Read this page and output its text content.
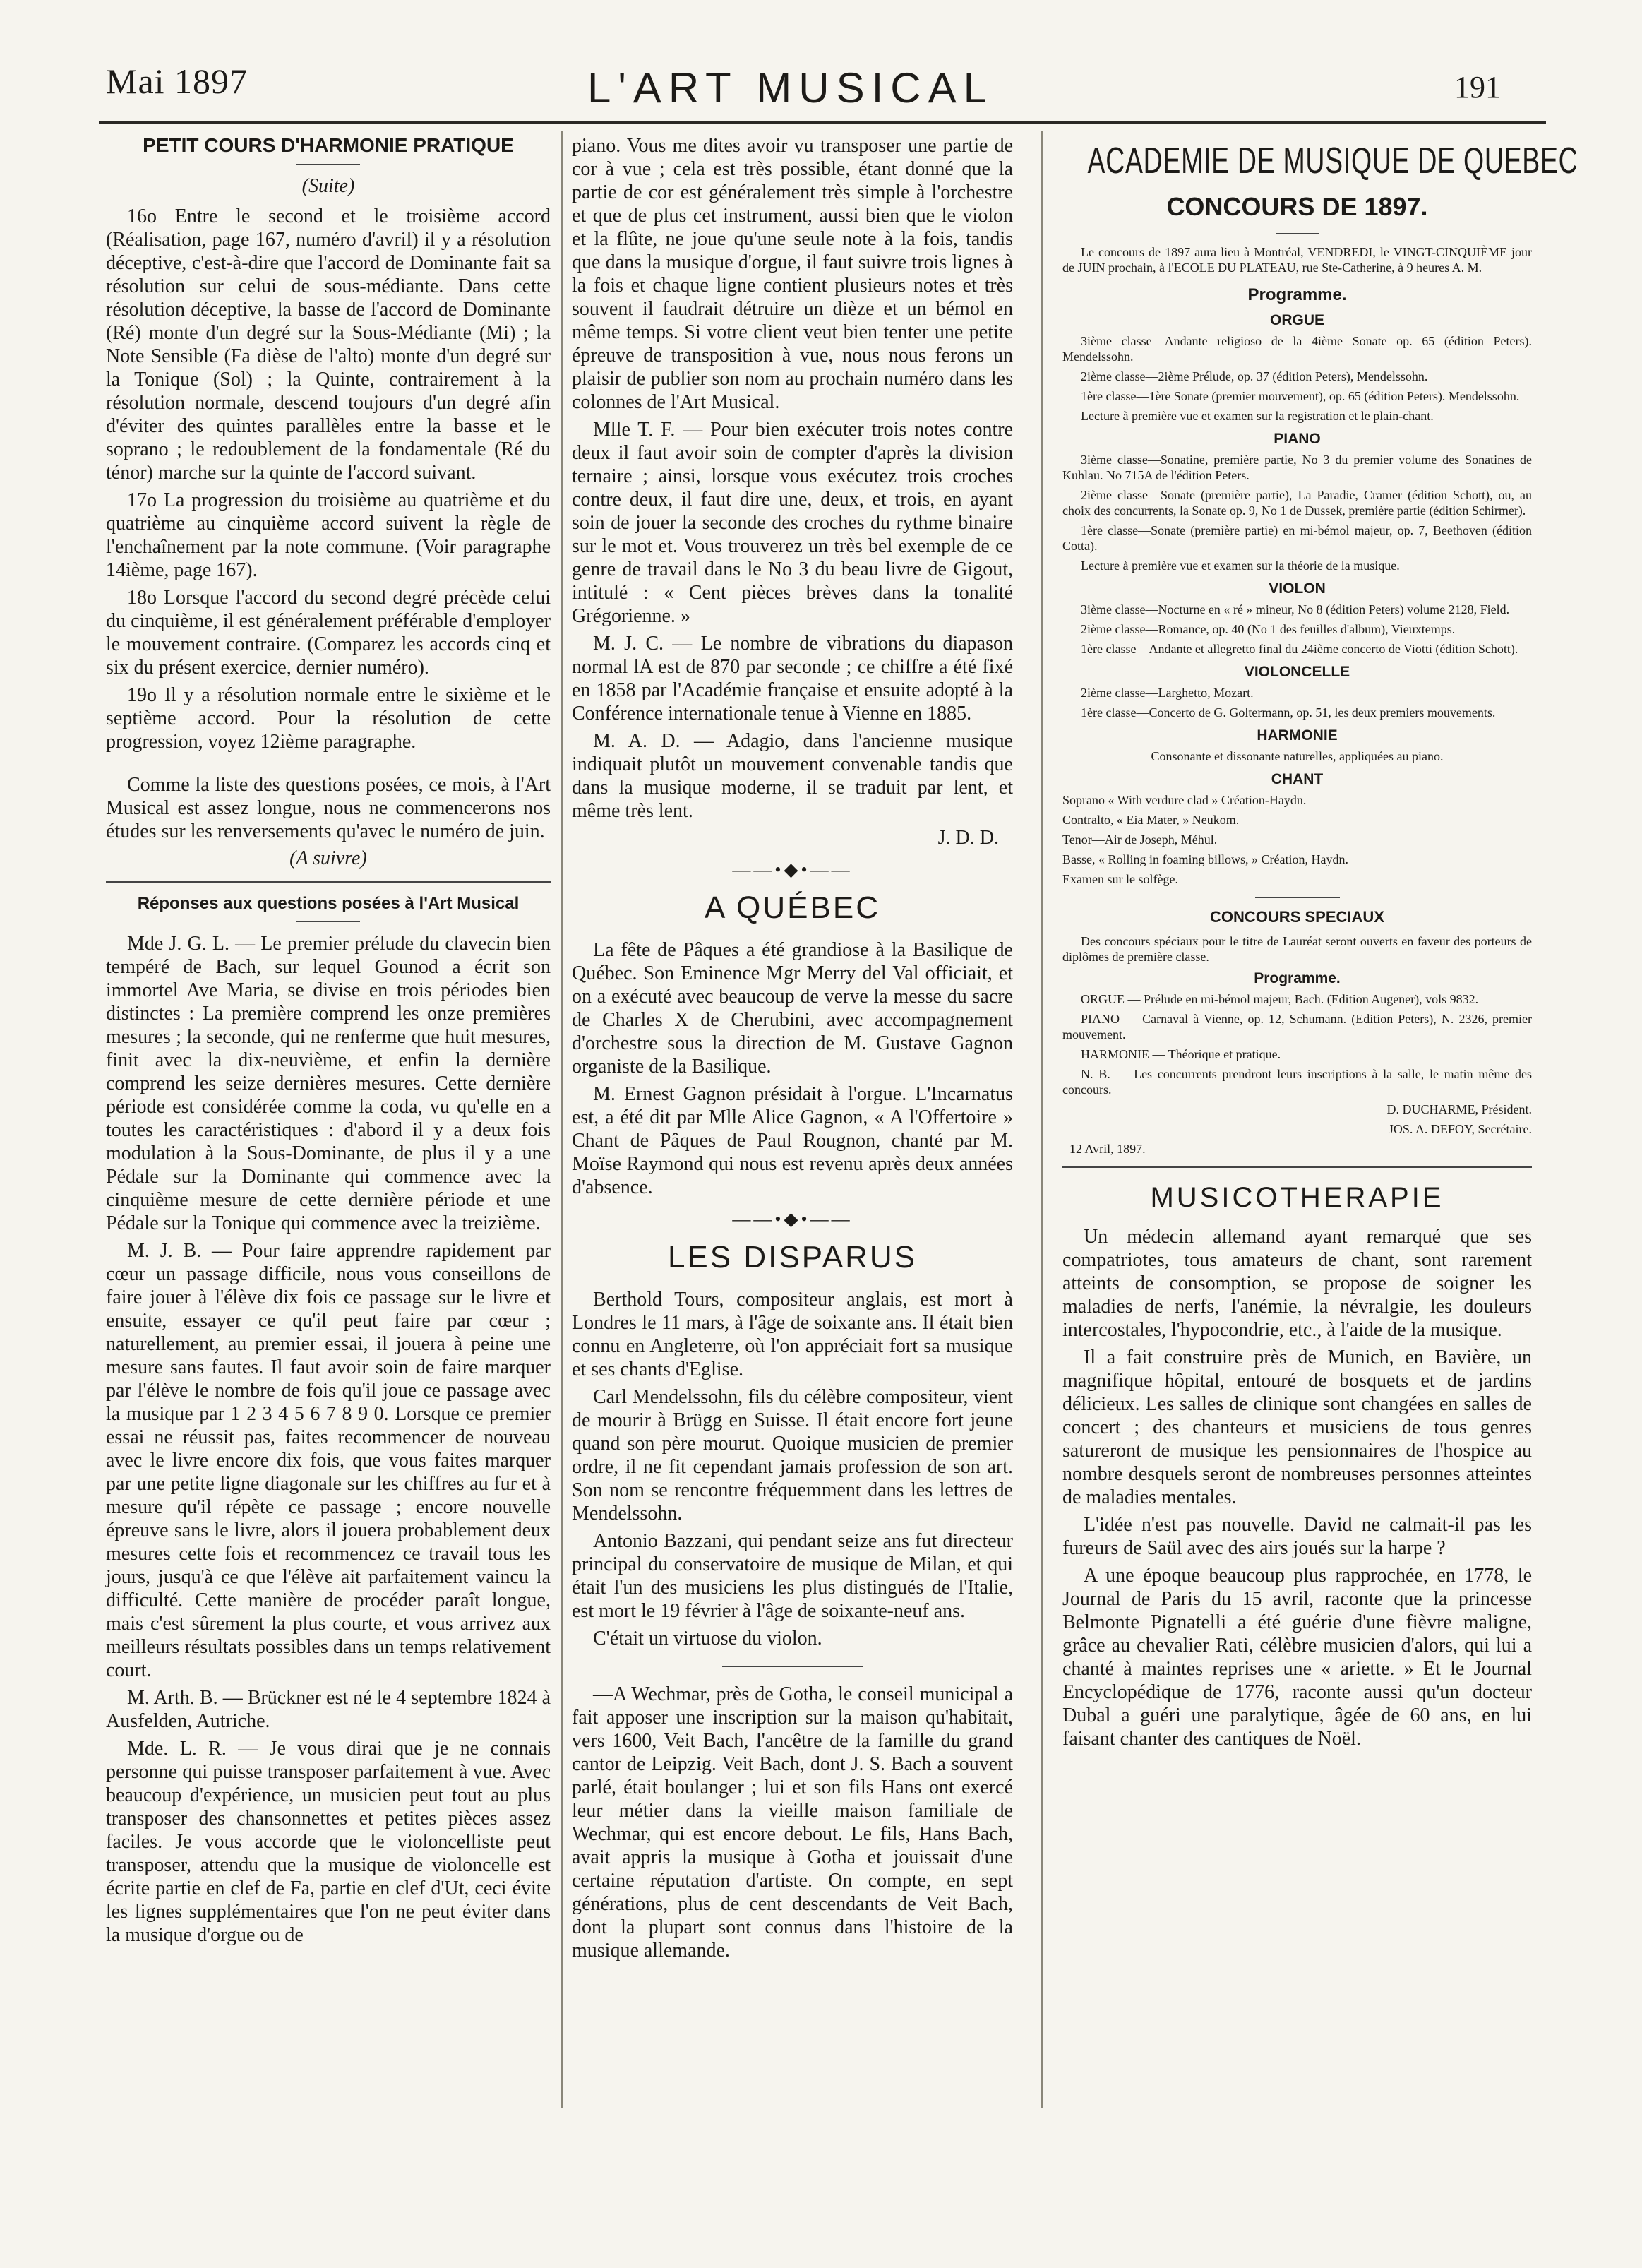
Mai 1897	L'ART MUSICAL	191
PETIT COURS D'HARMONIE PRATIQUE
(Suite)

16o Entre le second et le troisième accord (Réalisation, page 167, numéro d'avril) il y a résolution déceptive, c'est-à-dire que l'accord de Dominante fait sa résolution sur celui de sous-médiante. Dans cette résolution déceptive, la basse de l'accord de Dominante (Ré) monte d'un degré sur la Sous-Médiante (Mi) ; la Note Sensible (Fa dièse de l'alto) monte d'un degré sur la Tonique (Sol) ; la Quinte, contrairement à la résolution normale, descend toujours d'un degré afin d'éviter des quintes parallèles entre la basse et le soprano ; le redoublement de la fondamentale (Ré du ténor) marche sur la quinte de l'accord suivant.

17o La progression du troisième au quatrième et du quatrième au cinquième accord suivent la règle de l'enchaînement par la note commune. (Voir paragraphe 14ième, page 167).

18o Lorsque l'accord du second degré précède celui du cinquième, il est généralement préférable d'employer le mouvement contraire. (Comparez les accords cinq et six du présent exercice, dernier numéro).

19o Il y a résolution normale entre le sixième et le septième accord. Pour la résolution de cette progression, voyez 12ième paragraphe.

Comme la liste des questions posées, ce mois, à l'Art Musical est assez longue, nous ne commencerons nos études sur les renversements qu'avec le numéro de juin.

(A suivre)
Réponses aux questions posées à l'Art Musical

Mde J. G. L. — Le premier prélude du clavecin bien tempéré de Bach, sur lequel Gounod a écrit son immortel Ave Maria, se divise en trois périodes bien distinctes : La première comprend les onze premières mesures ; la seconde, qui ne renferme que huit mesures, finit avec la dix-neuvième, et enfin la dernière comprend les seize dernières mesures. Cette dernière période est considérée comme la coda, vu qu'elle en a toutes les caractéristiques : d'abord il y a deux fois modulation à la Sous-Dominante, de plus il y a une Pédale sur la Dominante qui commence avec la cinquième mesure de cette dernière période et une Pédale sur la Tonique qui commence avec la treizième.

M. J. B. — Pour faire apprendre rapidement par cœur un passage difficile, nous vous conseillons de faire jouer à l'élève dix fois ce passage sur le livre et ensuite, essayer ce qu'il peut faire par cœur ; naturellement, au premier essai, il jouera à peine une mesure sans fautes. Il faut avoir soin de faire marquer par l'élève le nombre de fois qu'il joue ce passage avec la musique par 1 2 3 4 5 6 7 8 9 0. Lorsque ce premier essai ne réussit pas, faites recommencer de nouveau avec le livre encore dix fois, que vous faites marquer par une petite ligne diagonale sur les chiffres au fur et à mesure qu'il répète ce passage ; encore nouvelle épreuve sans le livre, alors il jouera probablement deux mesures cette fois et recommencez ce travail tous les jours, jusqu'à ce que l'élève ait parfaitement vaincu la difficulté. Cette manière de procéder paraît longue, mais c'est sûrement la plus courte, et vous arrivez aux meilleurs résultats possibles dans un temps relativement court.

M. Arth. B. — Brückner est né le 4 septembre 1824 à Ausfelden, Autriche.

Mde. L. R. — Je vous dirai que je ne connais personne qui puisse transposer parfaitement à vue. Avec beaucoup d'expérience, un musicien peut tout au plus transposer des chansonnettes et petites pièces assez faciles. Je vous accorde que le violoncelliste peut transposer, attendu que la musique de violoncelle est écrite partie en clef de Fa, partie en clef d'Ut, ceci évite les lignes supplémentaires que l'on ne peut éviter dans la musique d'orgue ou de

piano. Vous me dites avoir vu transposer une partie de cor à vue ; cela est très possible, étant donné que la partie de cor est généralement très simple à l'orchestre et que de plus cet instrument, aussi bien que le violon et la flûte, ne joue qu'une seule note à la fois, tandis que dans la musique d'orgue, il faut suivre trois lignes à la fois et chaque ligne contient plusieurs notes et très souvent il faudrait détruire un dièze et un bémol en même temps. Si votre client veut bien tenter une petite épreuve de transposition à vue, nous nous ferons un plaisir de publier son nom au prochain numéro dans les colonnes de l'Art Musical.

Mlle T. F. — Pour bien exécuter trois notes contre deux il faut avoir soin de compter d'après la division ternaire ; ainsi, lorsque vous exécutez trois croches contre deux, il faut dire une, deux, et trois, en ayant soin de jouer la seconde des croches du rythme binaire sur le mot et. Vous trouverez un très bel exemple de ce genre de travail dans le No 3 du beau livre de Gigout, intitulé : « Cent pièces brèves dans la tonalité Grégorienne. »

M. J. C. — Le nombre de vibrations du diapason normal lA est de 870 par seconde ; ce chiffre a été fixé en 1858 par l'Académie française et ensuite adopté à la Conférence internationale tenue à Vienne en 1885.

M. A. D. — Adagio, dans l'ancienne musique indiquait plutôt un mouvement convenable tandis que dans la musique moderne, il se traduit par lent, et même très lent.

J. D. D.
——•◆•——
A QUÉBEC

La fête de Pâques a été grandiose à la Basilique de Québec. Son Eminence Mgr Merry del Val officiait, et on a exécuté avec beaucoup de verve la messe du sacre de Charles X de Cherubini, avec accompagnement d'orchestre sous la direction de M. Gustave Gagnon organiste de la Basilique.

M. Ernest Gagnon présidait à l'orgue. L'Incarnatus est, a été dit par Mlle Alice Gagnon, « A l'Offertoire » Chant de Pâques de Paul Rougnon, chanté par M. Moïse Raymond qui nous est revenu après deux années d'absence.

——•◆•——
LES DISPARUS

Berthold Tours, compositeur anglais, est mort à Londres le 11 mars, à l'âge de soixante ans. Il était bien connu en Angleterre, où l'on appréciait fort sa musique et ses chants d'Eglise.

Carl Mendelssohn, fils du célèbre compositeur, vient de mourir à Brügg en Suisse. Il était encore fort jeune quand son père mourut. Quoique musicien de premier ordre, il ne fit cependant jamais profession de son art. Son nom se rencontre fréquemment dans les lettres de Mendelssohn.

Antonio Bazzani, qui pendant seize ans fut directeur principal du conservatoire de musique de Milan, et qui était l'un des musiciens les plus distingués de l'Italie, est mort le 19 février à l'âge de soixante-neuf ans.

C'était un virtuose du violon.

—A Wechmar, près de Gotha, le conseil municipal a fait apposer une inscription sur la maison qu'habitait, vers 1600, Veit Bach, l'ancêtre de la famille du grand cantor de Leipzig. Veit Bach, dont J. S. Bach a souvent parlé, était boulanger ; lui et son fils Hans ont exercé leur métier dans la vieille maison familiale de Wechmar, qui est encore debout. Le fils, Hans Bach, avait appris la musique à Gotha et jouissait d'une certaine réputation d'artiste. On compte, en sept générations, plus de cent descendants de Veit Bach, dont la plupart sont connus dans l'histoire de la musique allemande.

ACADEMIE DE MUSIQUE DE QUEBEC
CONCOURS DE 1897.

Le concours de 1897 aura lieu à Montréal, VENDREDI, le VINGT-CINQUIÈME jour de JUIN prochain, à l'ECOLE DU PLATEAU, rue Ste-Catherine, à 9 heures A. M.

Programme.
ORGUE

3ième classe—Andante religioso de la 4ième Sonate op. 65 (édition Peters). Mendelssohn.

2ième classe—2ième Prélude, op. 37 (édition Peters), Mendelssohn.

1ère classe—1ère Sonate (premier mouvement), op. 65 (édition Peters). Mendelssohn.

Lecture à première vue et examen sur la registration et le plain-chant.

PIANO

3ième classe—Sonatine, première partie, No 3 du premier volume des Sonatines de Kuhlau. No 715A de l'édition Peters.

2ième classe—Sonate (première partie), La Paradie, Cramer (édition Schott), ou, au choix des concurrents, la Sonate op. 9, No 1 de Dussek, première partie (édition Schirmer).

1ère classe—Sonate (première partie) en mi-bémol majeur, op. 7, Beethoven (édition Cotta).

Lecture à première vue et examen sur la théorie de la musique.

VIOLON

3ième classe—Nocturne en « ré » mineur, No 8 (édition Peters) volume 2128, Field.

2ième classe—Romance, op. 40 (No 1 des feuilles d'album), Vieuxtemps.

1ère classe—Andante et allegretto final du 24ième concerto de Viotti (édition Schott).

VIOLONCELLE

2ième classe—Larghetto, Mozart.

1ère classe—Concerto de G. Goltermann, op. 51, les deux premiers mouvements.

HARMONIE

Consonante et dissonante naturelles, appliquées au piano.

CHANT

Soprano « With verdure clad » Création-Haydn.

Contralto, « Eia Mater, » Neukom.

Tenor—Air de Joseph, Méhul.

Basse, « Rolling in foaming billows, » Création, Haydn.

Examen sur le solfège.

CONCOURS SPECIAUX

Des concours spéciaux pour le titre de Lauréat seront ouverts en faveur des porteurs de diplômes de première classe.

Programme.

ORGUE — Prélude en mi-bémol majeur, Bach. (Edition Augener), vols 9832.

PIANO — Carnaval à Vienne, op. 12, Schumann. (Edition Peters), N. 2326, premier mouvement.

HARMONIE — Théorique et pratique.

N. B. — Les concurrents prendront leurs inscriptions à la salle, le matin même des concours.

D. DUCHARME, Président.

JOS. A. DEFOY, Secrétaire.

12 Avril, 1897.

MUSICOTHERAPIE

Un médecin allemand ayant remarqué que ses compatriotes, tous amateurs de chant, sont rarement atteints de consomption, se propose de soigner les maladies de nerfs, l'anémie, la névralgie, les douleurs intercostales, l'hypocondrie, etc., à l'aide de la musique.

Il a fait construire près de Munich, en Bavière, un magnifique hôpital, entouré de bosquets et de jardins délicieux. Les salles de clinique sont changées en salles de concert ; des chanteurs et musiciens de tous genres satureront de musique les pensionnaires de l'hospice au nombre desquels seront de nombreuses personnes atteintes de maladies mentales.

L'idée n'est pas nouvelle. David ne calmait-il pas les fureurs de Saül avec des airs joués sur la harpe ?

A une époque beaucoup plus rapprochée, en 1778, le Journal de Paris du 15 avril, raconte que la princesse Belmonte Pignatelli a été guérie d'une fièvre maligne, grâce au chevalier Rati, célèbre musicien d'alors, qui lui a chanté à maintes reprises une « ariette. » Et le Journal Encyclopédique de 1776, raconte aussi qu'un docteur Dubal a guéri une paralytique, âgée de 60 ans, en lui faisant chanter des cantiques de Noël.
